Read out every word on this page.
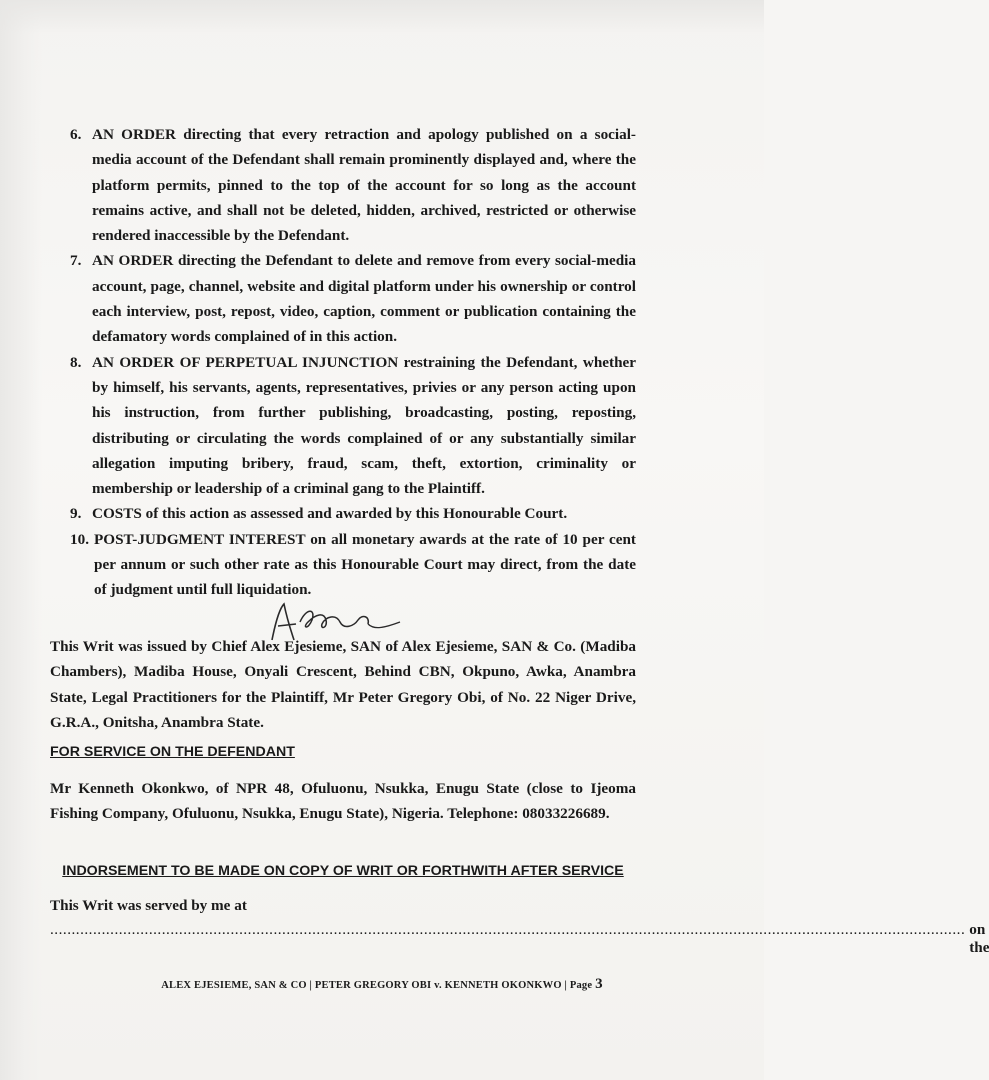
6. AN ORDER directing that every retraction and apology published on a social-media account of the Defendant shall remain prominently displayed and, where the platform permits, pinned to the top of the account for so long as the account remains active, and shall not be deleted, hidden, archived, restricted or otherwise rendered inaccessible by the Defendant.
7. AN ORDER directing the Defendant to delete and remove from every social-media account, page, channel, website and digital platform under his ownership or control each interview, post, repost, video, caption, comment or publication containing the defamatory words complained of in this action.
8. AN ORDER OF PERPETUAL INJUNCTION restraining the Defendant, whether by himself, his servants, agents, representatives, privies or any person acting upon his instruction, from further publishing, broadcasting, posting, reposting, distributing or circulating the words complained of or any substantially similar allegation imputing bribery, fraud, scam, theft, extortion, criminality or membership or leadership of a criminal gang to the Plaintiff.
9. COSTS of this action as assessed and awarded by this Honourable Court.
10. POST-JUDGMENT INTEREST on all monetary awards at the rate of 10 per cent per annum or such other rate as this Honourable Court may direct, from the date of judgment until full liquidation.
This Writ was issued by Chief Alex Ejesieme, SAN of Alex Ejesieme, SAN & Co. (Madiba Chambers), Madiba House, Onyali Crescent, Behind CBN, Okpuno, Awka, Anambra State, Legal Practitioners for the Plaintiff, Mr Peter Gregory Obi, of No. 22 Niger Drive, G.R.A., Onitsha, Anambra State.
FOR SERVICE ON THE DEFENDANT
Mr Kenneth Okonkwo, of NPR 48, Ofuluonu, Nsukka, Enugu State (close to Ijeoma Fishing Company, Ofuluonu, Nsukka, Enugu State), Nigeria. Telephone: 08033226689.
INDORSEMENT TO BE MADE ON COPY OF WRIT OR FORTHWITH AFTER SERVICE
This Writ was served by me at
..................................................................................................................................................................................................................... on the
ALEX EJESIEME, SAN & CO | PETER GREGORY OBI v. KENNETH OKONKWO | Page 3
